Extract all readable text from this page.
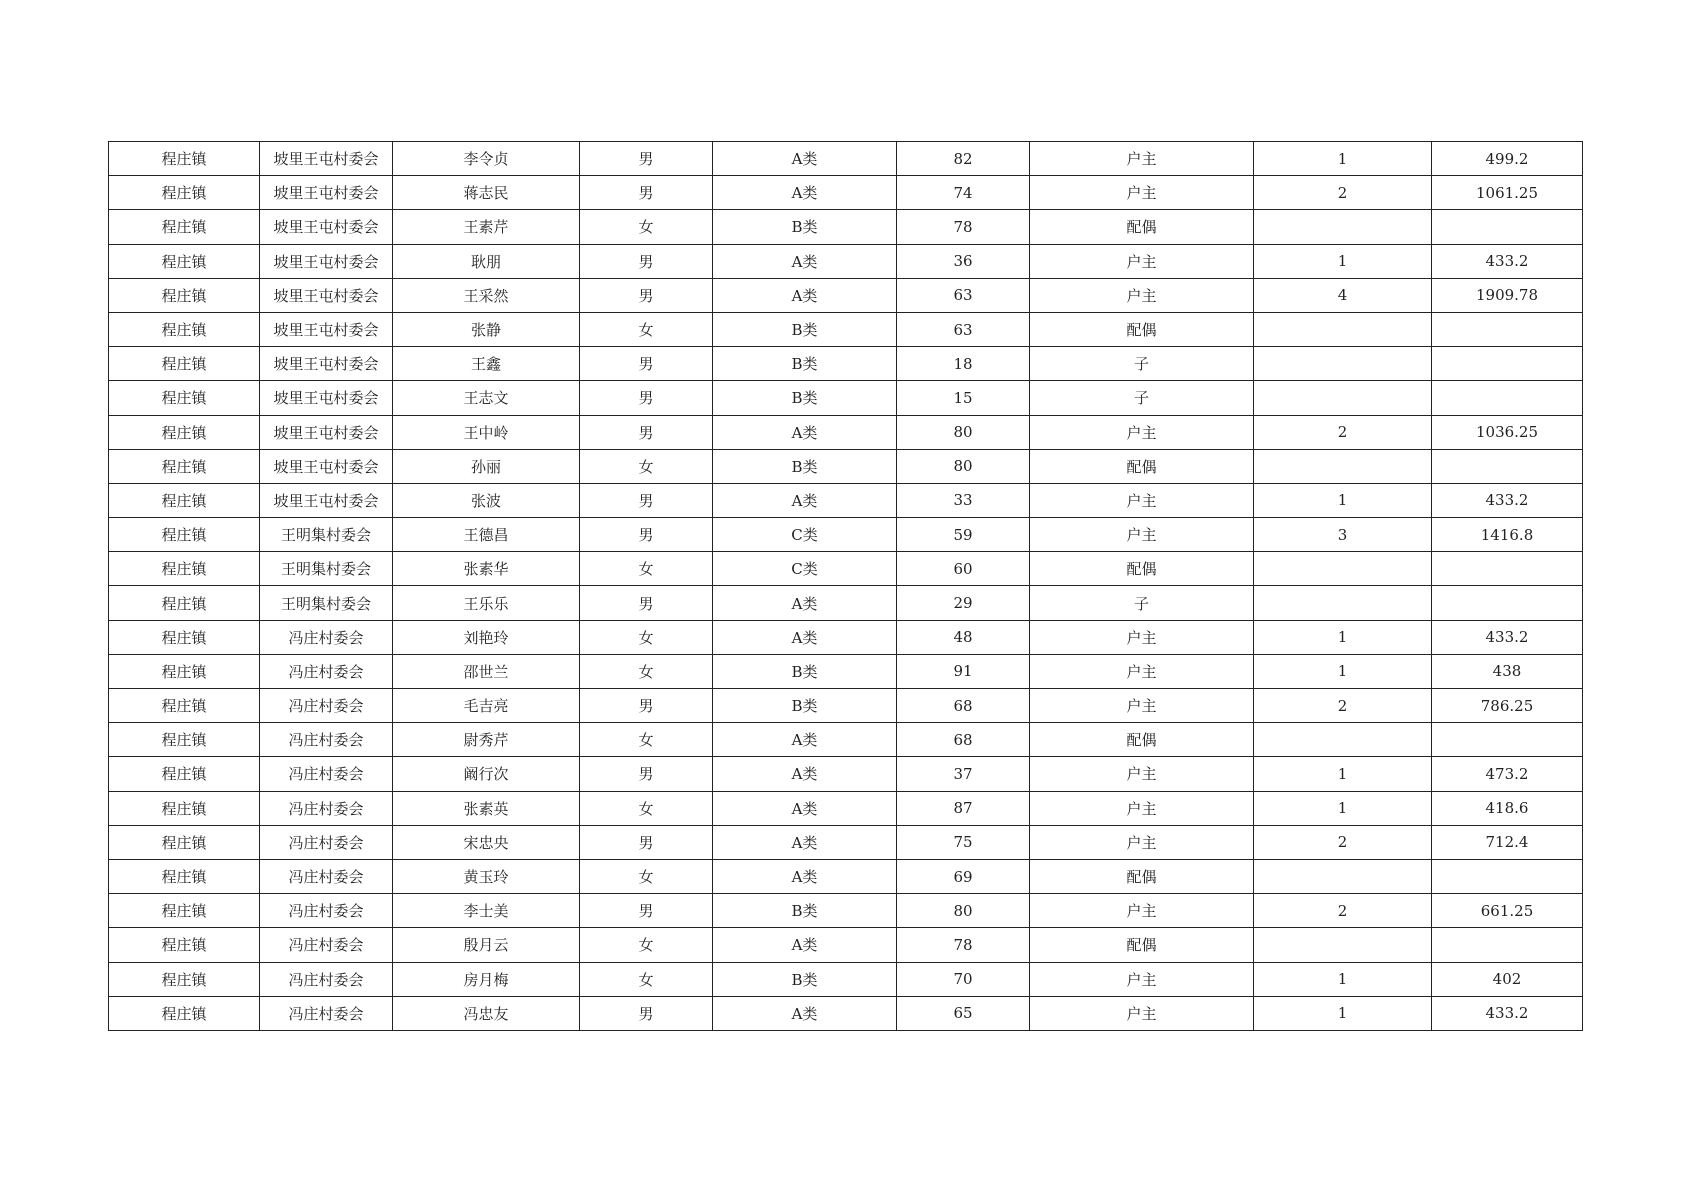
程庄镇	坡里王屯村委会	李令贞	男	A类	82	户主	1	499.2
程庄镇	坡里王屯村委会	蒋志民	男	A类	74	户主	2	1061.25
程庄镇	坡里王屯村委会	王素芹	女	B类	78	配偶		
程庄镇	坡里王屯村委会	耿朋	男	A类	36	户主	1	433.2
程庄镇	坡里王屯村委会	王采然	男	A类	63	户主	4	1909.78
程庄镇	坡里王屯村委会	张静	女	B类	63	配偶		
程庄镇	坡里王屯村委会	王鑫	男	B类	18	子		
程庄镇	坡里王屯村委会	王志文	男	B类	15	子		
程庄镇	坡里王屯村委会	王中岭	男	A类	80	户主	2	1036.25
程庄镇	坡里王屯村委会	孙丽	女	B类	80	配偶		
程庄镇	坡里王屯村委会	张波	男	A类	33	户主	1	433.2
程庄镇	王明集村委会	王德昌	男	C类	59	户主	3	1416.8
程庄镇	王明集村委会	张素华	女	C类	60	配偶		
程庄镇	王明集村委会	王乐乐	男	A类	29	子		
程庄镇	冯庄村委会	刘艳玲	女	A类	48	户主	1	433.2
程庄镇	冯庄村委会	邵世兰	女	B类	91	户主	1	438
程庄镇	冯庄村委会	毛吉亮	男	B类	68	户主	2	786.25
程庄镇	冯庄村委会	尉秀芹	女	A类	68	配偶		
程庄镇	冯庄村委会	阚行次	男	A类	37	户主	1	473.2
程庄镇	冯庄村委会	张素英	女	A类	87	户主	1	418.6
程庄镇	冯庄村委会	宋忠央	男	A类	75	户主	2	712.4
程庄镇	冯庄村委会	黄玉玲	女	A类	69	配偶		
程庄镇	冯庄村委会	李士美	男	B类	80	户主	2	661.25
程庄镇	冯庄村委会	殷月云	女	A类	78	配偶		
程庄镇	冯庄村委会	房月梅	女	B类	70	户主	1	402
程庄镇	冯庄村委会	冯忠友	男	A类	65	户主	1	433.2
